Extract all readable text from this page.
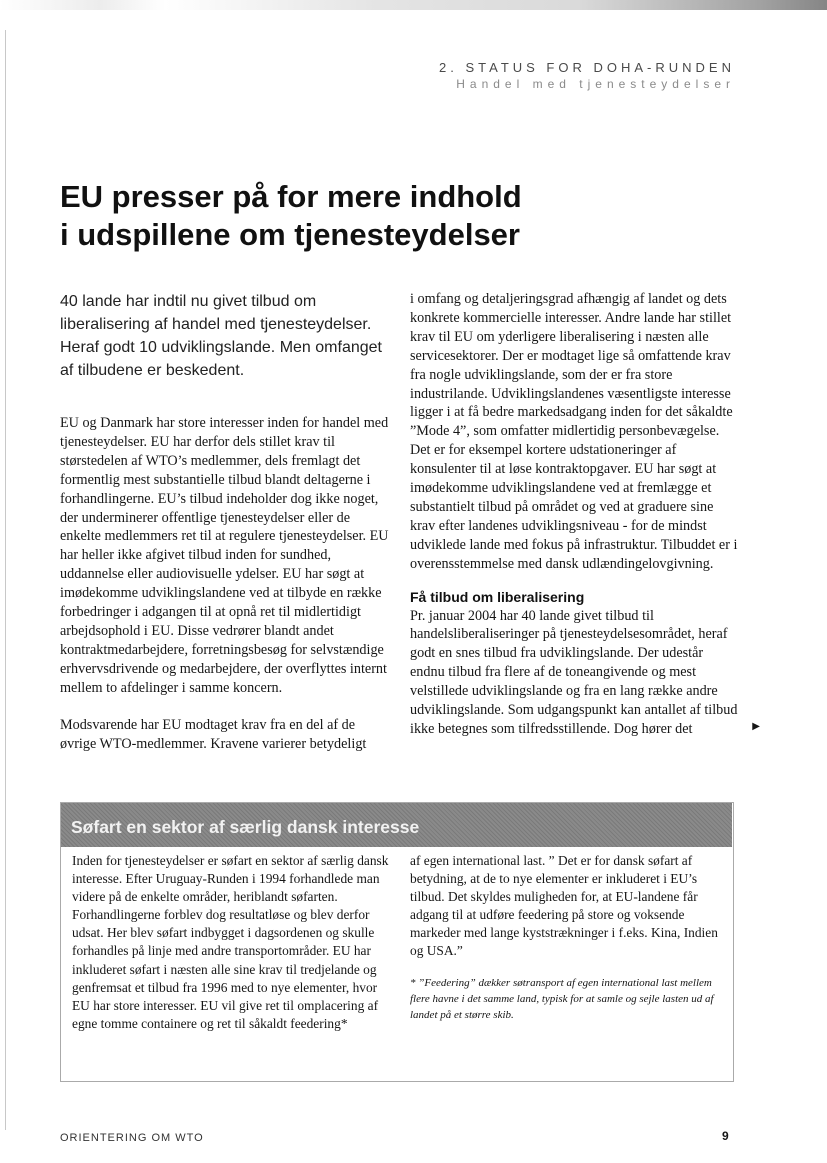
2. STATUS FOR DOHA-RUNDEN
Handel med tjenesteydelser
EU presser på for mere indhold
i udspillene om tjenesteydelser

40 lande har indtil nu givet tilbud om liberalisering af handel med tjenesteydelser. Heraf godt 10 udviklingslande. Men omfanget af tilbudene er beskedent.

EU og Danmark har store interesser inden for handel med tjenesteydelser. EU har derfor dels stillet krav til størstedelen af WTO’s medlemmer, dels fremlagt det formentlig mest substantielle tilbud blandt deltagerne i forhandlingerne. EU’s tilbud indeholder dog ikke noget, der underminerer offentlige tjenesteydelser eller de enkelte medlemmers ret til at regulere tjenesteydelser. EU har heller ikke afgivet tilbud inden for sundhed, uddannelse eller audiovisuelle ydelser. EU har søgt at imødekomme udviklingslandene ved at tilbyde en række forbedringer i adgangen til at opnå ret til midlertidigt arbejdsophold i EU. Disse vedrører blandt andet kontraktmedarbejdere, forretningsbesøg for selvstændige erhvervsdrivende og medarbejdere, der overflyttes internt mellem to afdelinger i samme koncern.

Modsvarende har EU modtaget krav fra en del af de øvrige WTO-medlemmer. Kravene varierer betydeligt

i omfang og detaljeringsgrad afhængig af landet og dets konkrete kommercielle interesser. Andre lande har stillet krav til EU om yderligere liberalisering i næsten alle servicesektorer. Der er modtaget lige så omfattende krav fra nogle udviklingslande, som der er fra store industrilande. Udviklingslandenes væsentligste interesse ligger i at få bedre markedsadgang inden for det såkaldte ”Mode 4”, som omfatter midlertidig personbevægelse. Det er for eksempel kortere udstationeringer af konsulenter til at løse kontraktopgaver. EU har søgt at imødekomme udviklingslandene ved at fremlægge et substantielt tilbud på området og ved at graduere sine krav efter landenes udviklingsniveau - for de mindst udviklede lande med fokus på infrastruktur. Tilbuddet er i overensstemmelse med dansk udlændingelovgivning.

Få tilbud om liberalisering

Pr. januar 2004 har 40 lande givet tilbud til handelsliberaliseringer på tjenesteydelsesområdet, heraf godt en snes tilbud fra udviklingslande. Der udestår endnu tilbud fra flere af de toneangivende og mest velstillede udviklingslande og fra en lang række andre udviklingslande. Som udgangspunkt kan antallet af tilbud ikke betegnes som tilfredsstillende. Dog hører det	▶
Søfart en sektor af særlig dansk interesse

Inden for tjenesteydelser er søfart en sektor af særlig dansk interesse. Efter Uruguay-Runden i 1994 forhandlede man videre på de enkelte områder, heriblandt søfarten. Forhandlingerne forblev dog resultatløse og blev derfor udsat. Her blev søfart indbygget i dagsordenen og skulle forhandles på linje med andre transportområder. EU har inkluderet søfart i næsten alle sine krav til tredjelande og genfremsat et tilbud fra 1996 med to nye elementer, hvor EU har store interesser. EU vil give ret til omplacering af egne tomme containere og ret til såkaldt feedering*

af egen international last. ” Det er for dansk søfart af betydning, at de to nye elementer er inkluderet i EU’s tilbud. Det skyldes muligheden for, at EU-landene får adgang til at udføre feedering på store og voksende markeder med lange kyststrækninger i f.eks. Kina, Indien og USA.”

* ”Feedering” dækker søtransport af egen international last mellem flere havne i det samme land, typisk for at samle og sejle lasten ud af landet på et større skib.

ORIENTERING OM WTO	9
